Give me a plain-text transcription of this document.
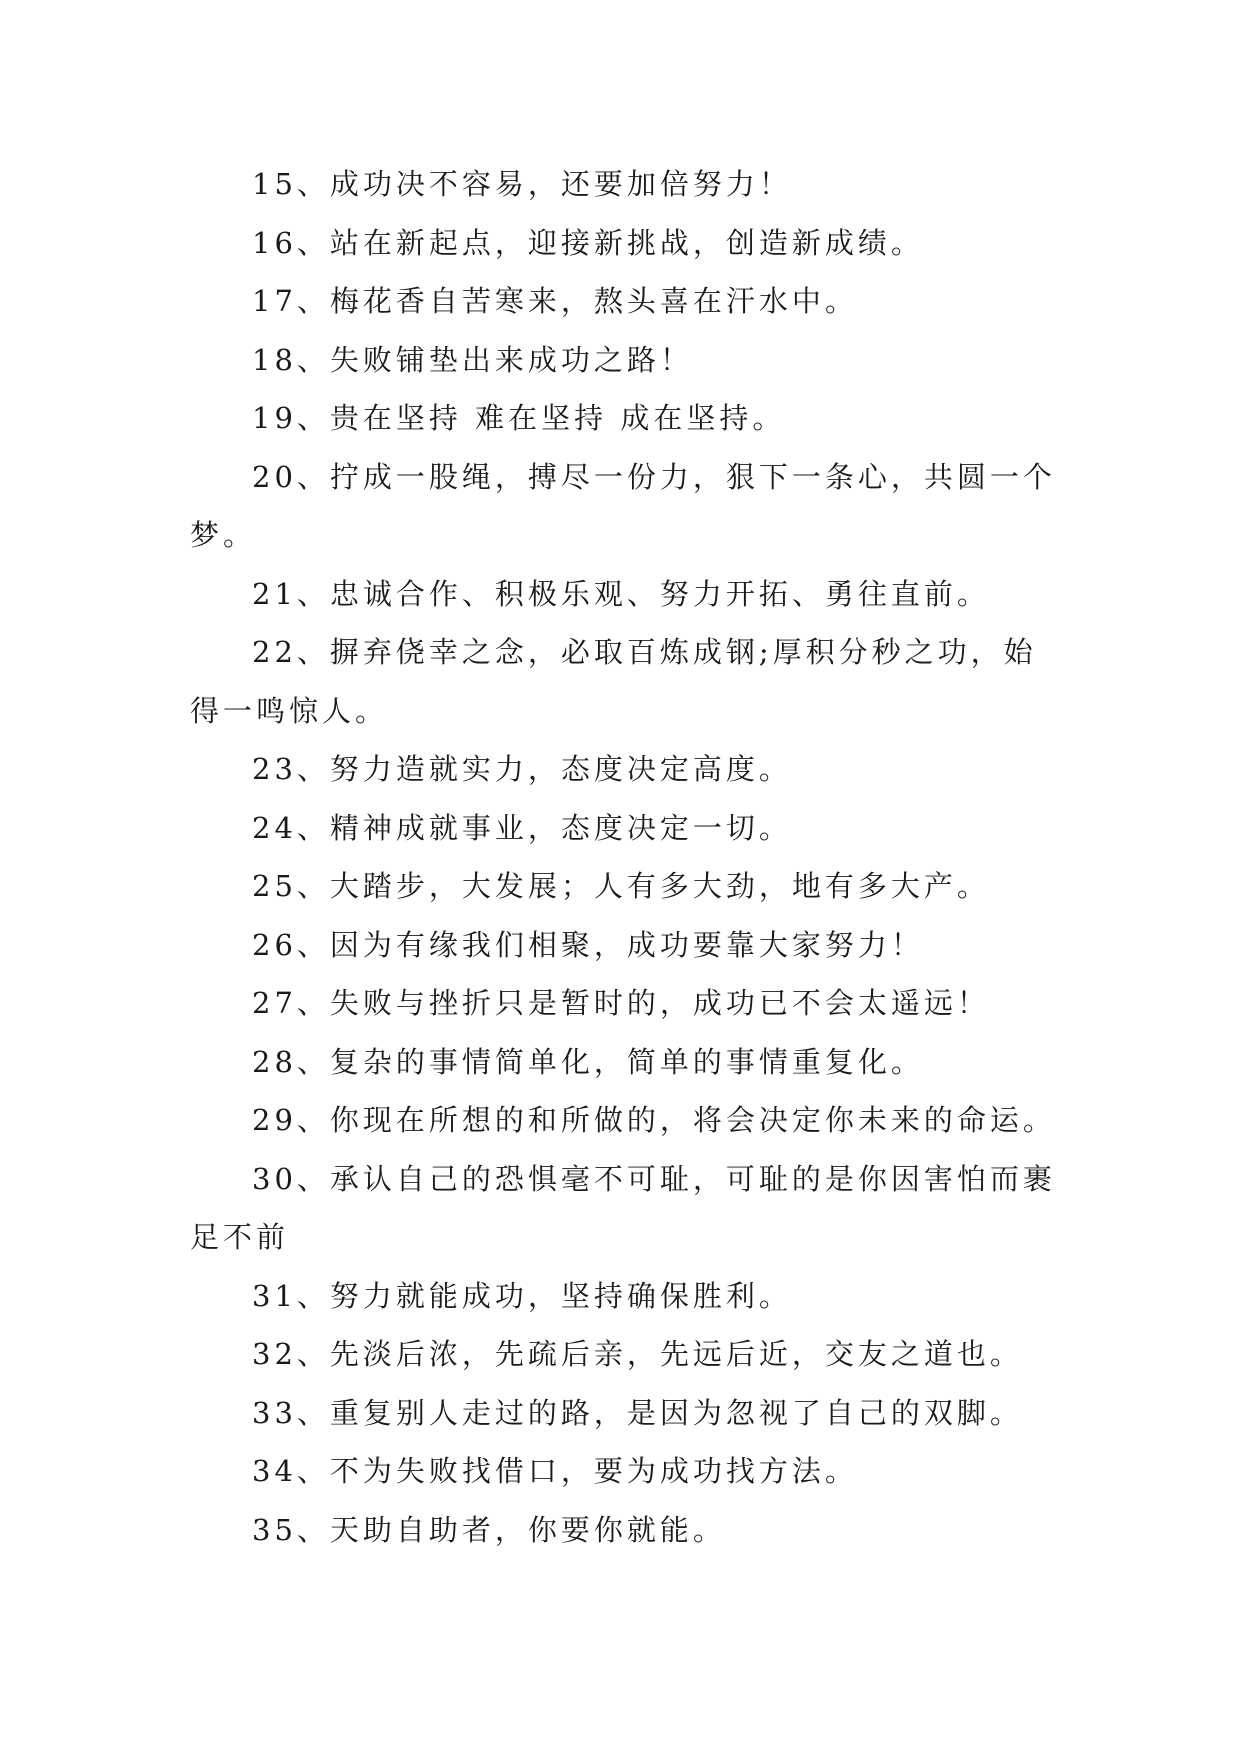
15、成功决不容易，还要加倍努力！

16、站在新起点，迎接新挑战，创造新成绩。

17、梅花香自苦寒来，熬头喜在汗水中。

18、失败铺垫出来成功之路！

19、贵在坚持 难在坚持 成在坚持。

20、拧成一股绳，搏尽一份力，狠下一条心，共圆一个梦。

21、忠诚合作、积极乐观、努力开拓、勇往直前。

22、摒弃侥幸之念，必取百炼成钢;厚积分秒之功，始得一鸣惊人。

23、努力造就实力，态度决定高度。

24、精神成就事业，态度决定一切。

25、大踏步，大发展；人有多大劲，地有多大产。

26、因为有缘我们相聚，成功要靠大家努力！

27、失败与挫折只是暂时的，成功已不会太遥远！

28、复杂的事情简单化，简单的事情重复化。

29、你现在所想的和所做的，将会决定你未来的命运。

30、承认自己的恐惧毫不可耻，可耻的是你因害怕而裹足不前

31、努力就能成功，坚持确保胜利。

32、先淡后浓，先疏后亲，先远后近，交友之道也。

33、重复别人走过的路，是因为忽视了自己的双脚。

34、不为失败找借口，要为成功找方法。

35、天助自助者，你要你就能。
